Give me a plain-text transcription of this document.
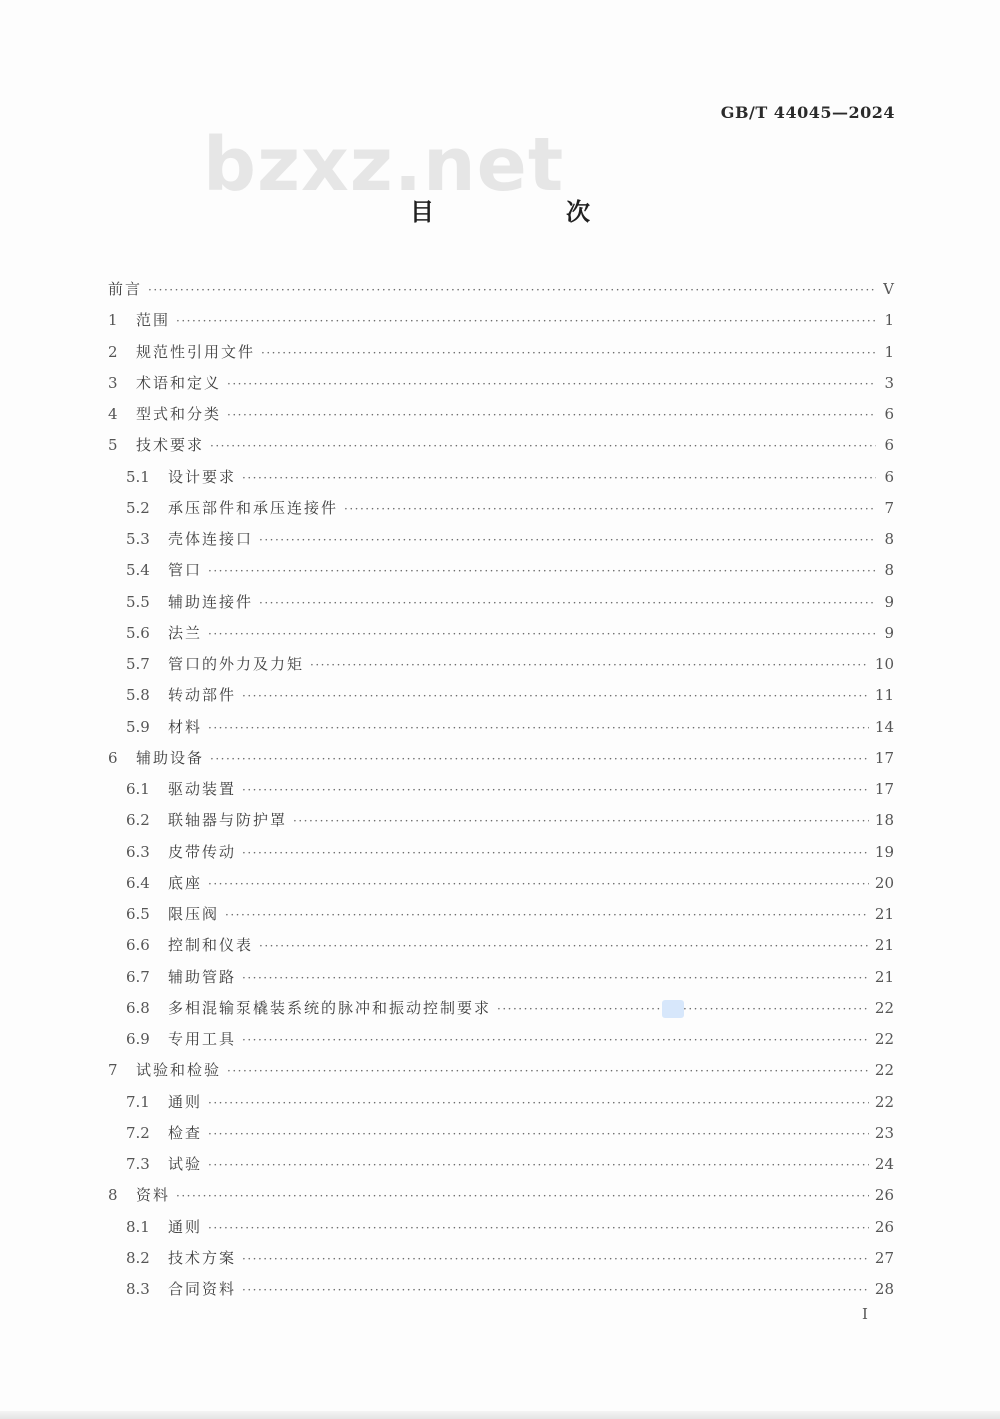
bzxz.net
GB/T 44045—2024
目　次
前言 ·····	V
1	范围 ·····	1
2	规范性引用文件 ·····	1
3	术语和定义 ·····	3
4	型式和分类 ·····	6
5	技术要求 ·····	6
5.1	设计要求 ·····	6
5.2	承压部件和承压连接件 ·····	7
5.3	壳体连接口 ·····	8
5.4	管口 ·····	8
5.5	辅助连接件 ·····	9
5.6	法兰 ·····	9
5.7	管口的外力及力矩 ·····	10
5.8	转动部件 ·····	11
5.9	材料 ·····	14
6	辅助设备 ·····	17
6.1	驱动装置 ·····	17
6.2	联轴器与防护罩 ·····	18
6.3	皮带传动 ·····	19
6.4	底座 ·····	20
6.5	限压阀 ·····	21
6.6	控制和仪表 ·····	21
6.7	辅助管路 ·····	21
6.8	多相混输泵橇装系统的脉冲和振动控制要求 ·····	22
6.9	专用工具 ·····	22
7	试验和检验 ·····	22
7.1	通则 ·····	22
7.2	检查 ·····	23
7.3	试验 ·····	24
8	资料 ·····	26
8.1	通则 ·····	26
8.2	技术方案 ·····	27
8.3	合同资料 ·····	28
I
